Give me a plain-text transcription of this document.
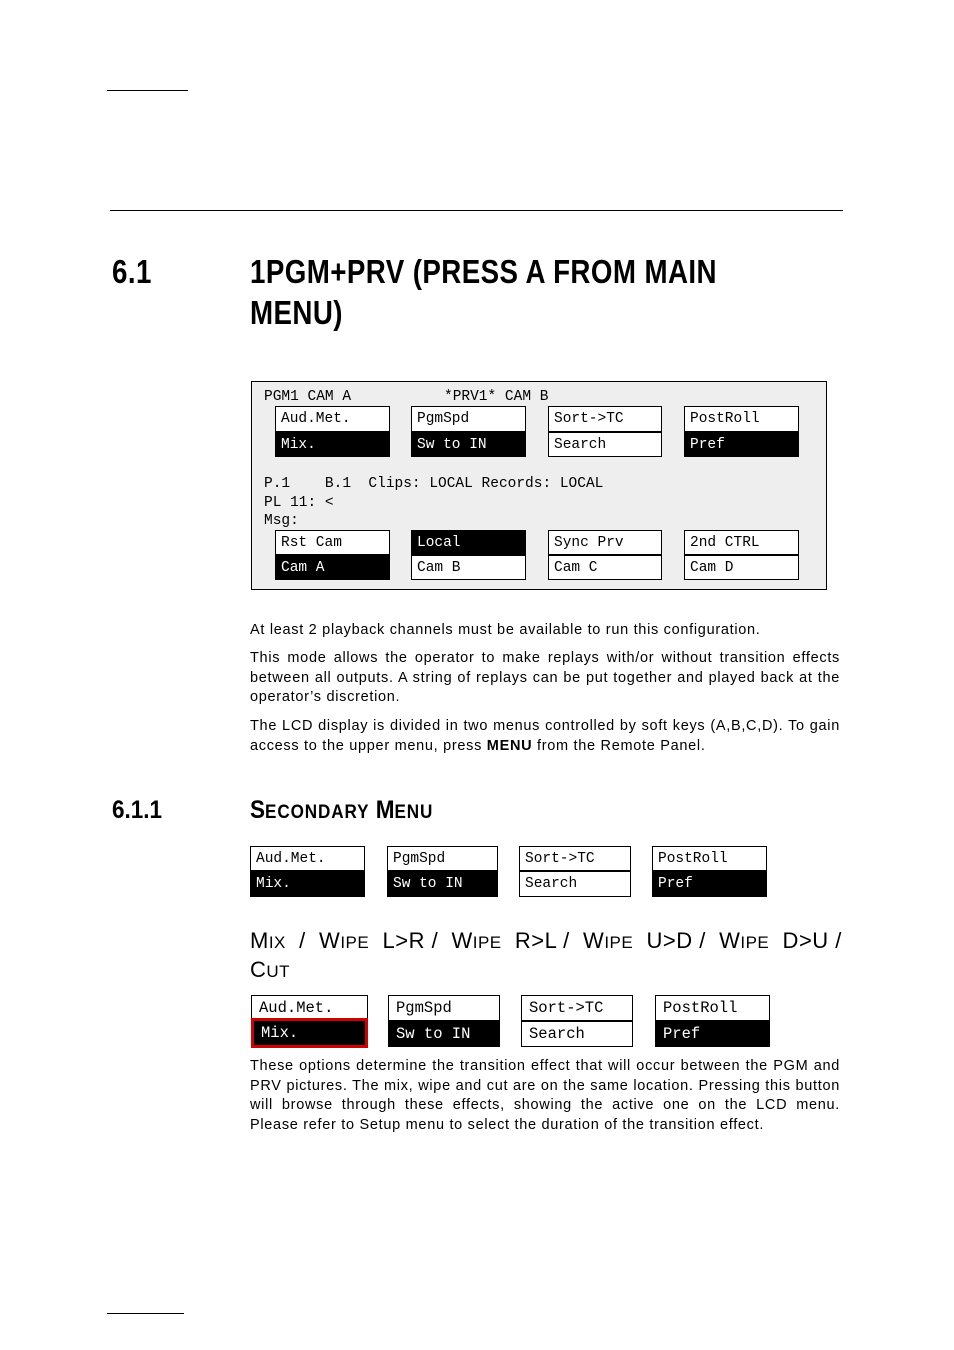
6.1	1PGM+PRV (PRESS A FROM MAIN
MENU)
PGM1 CAM A	*PRV1* CAM B
Aud.Met.
Mix.
PgmSpd
Sw to IN
Sort->TC
Search
PostRoll
Pref
P.1    B.1  Clips: LOCAL Records: LOCAL
PL 11: <
Msg:
Rst Cam
Cam A
Local
Cam B
Sync Prv
Cam C
2nd CTRL
Cam D
At least 2 playback channels must be available to run this configuration.
This mode allows the operator to make replays with/or without transition effects between all outputs. A string of replays can be put together and played back at the operator’s discretion.
The LCD display is divided in two menus controlled by soft keys (A,B,C,D). To gain access to the upper menu, press MENU from the Remote Panel.
6.1.1	SECONDARY MENU
Aud.Met.
Mix.
PgmSpd
Sw to IN
Sort->TC
Search
PostRoll
Pref
MIX / WIPE L>R / WIPE R>L / WIPE U>D / WIPE D>U /
CUT
Aud.Met.
Mix.
PgmSpd
Sw to IN
Sort->TC
Search
PostRoll
Pref
These options determine the transition effect that will occur between the PGM and PRV pictures. The mix, wipe and cut are on the same location. Pressing this button will browse through these effects, showing the active one on the LCD menu. Please refer to Setup menu to select the duration of the transition effect.
